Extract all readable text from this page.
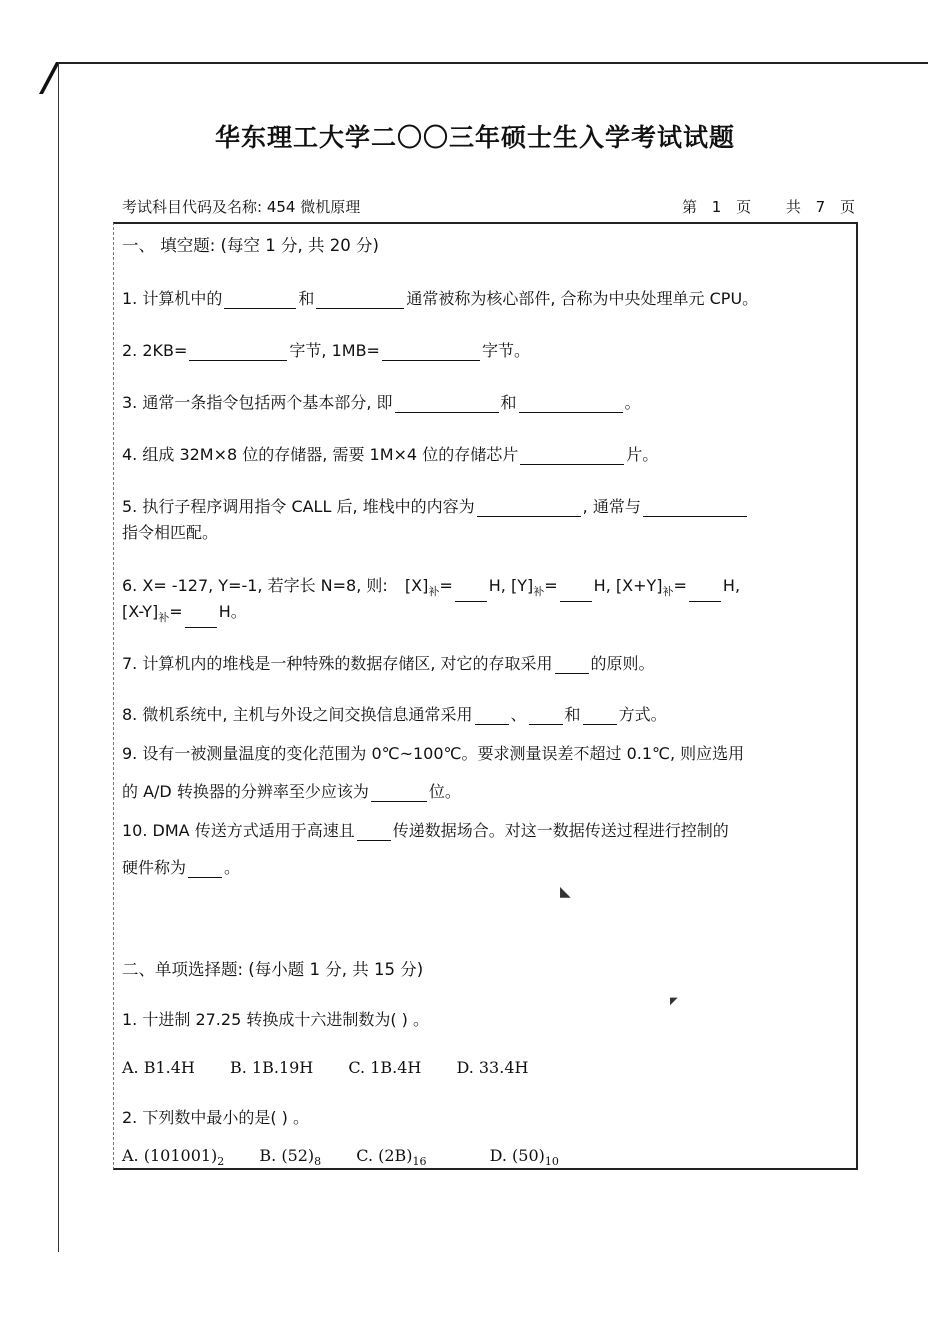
华东理工大学二〇〇三年硕士生入学考试试题
考试科目代码及名称: 454 微机原理	第 1 页 共 7 页
一、 填空题: (每空 1 分, 共 20 分)
1. 计算机中的	和	通常被称为核心部件, 合称为中央处理单元 CPU。
2. 2KB=	字节, 1MB=	字节。
3. 通常一条指令包括两个基本部分, 即	和	。
4. 组成 32M×8 位的存储器, 需要 1M×4 位的存储芯片	片。
5. 执行子程序调用指令 CALL 后, 堆栈中的内容为	, 通常与
指令相匹配。
6. X= -127, Y=-1, 若字长 N=8, 则: $[X]_补= H$, $[Y]_补= H$, $[X+Y]_补= H$,
$[X-Y]_补= H$。
7. 计算机内的堆栈是一种特殊的数据存储区, 对它的存取采用 的原则。
8. 微机系统中, 主机与外设之间交换信息通常采用 、 和 方式。
9. 设有一被测量温度的变化范围为 0℃~100℃。要求测量误差不超过 0.1℃, 则应选用
的 A/D 转换器的分辨率至少应该为	位。
10. DMA 传送方式适用于高速且 传递数据场合。对这一数据传送过程进行控制的
硬件称为 。
◣
◤
二、单项选择题: (每小题 1 分, 共 15 分)
1. 十进制 27.25 转换成十六进制数为( ) 。
A. B1.4H B. 1B.19H C. 1B.4H D. 33.4H
2. 下列数中最小的是( ) 。
A. $(101001)_2$ B. $(52)_8$ C. $(2B)_{16}$	D. $(50)_{10}$
